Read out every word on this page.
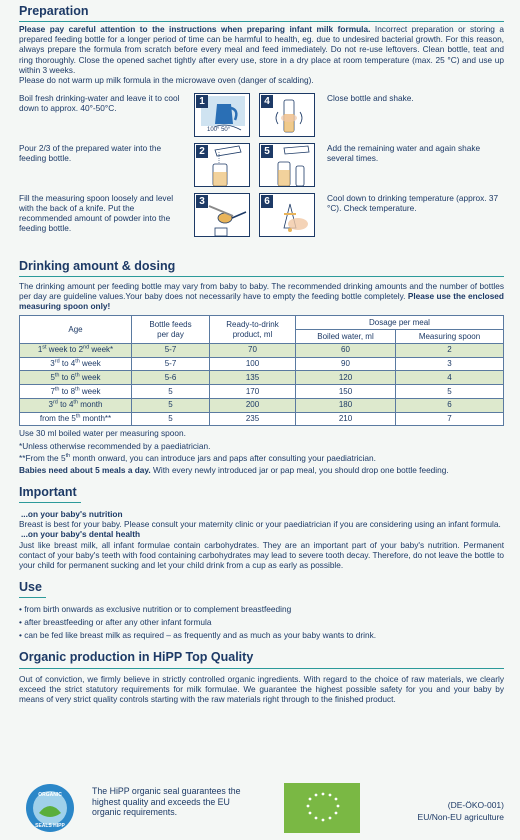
Preparation
Please pay careful attention to the instructions when preparing infant milk formula. Incorrect preparation or storing a prepared feeding bottle for a longer period of time can be harmful to health, eg. due to undesired bacterial growth. For this reason, always prepare the formula from scratch before every meal and feed immediately. Do not re-use leftovers. Clean bottle, teat and ring thoroughly. Close the opened sachet tightly after every use, store in a dry place at room temperature (max. 25 °C) and use up within 3 weeks.
Please do not warm up milk formula in the microwave oven (danger of scalding).
Boil fresh drinking-water and leave it to cool down to approx. 40°-50°C.
Pour 2/3 of the prepared water into the feeding bottle.
Fill the measuring spoon loosely and level with the back of a knife. Put the recommended amount of powder into the feeding bottle.
Close bottle and shake.
Add the remaining water and again shake several times.
Cool down to drinking temperature (approx. 37 °C). Check temperature.
1
100° 50°
2
3
4
5
6
Drinking amount & dosing
The drinking amount per feeding bottle may vary from baby to baby. The recommended drinking amounts and the number of bottles per day are guideline values.Your baby does not necessarily have to empty the feeding bottle completely. Please use the enclosed measuring spoon only!
Age	Bottle feeds per day	Ready-to-drink product, ml	Dosage per meal	
			Boiled water, ml	Measuring spoon
1st week to 2nd week*	5-7	70	60	2
3rd to 4th week	5-7	100	90	3
5th to 6th week	5-6	135	120	4
7th to 8th week	5	170	150	5
3rd to 4th month	5	200	180	6
from the 5th month**	5	235	210	7
Use 30 ml boiled water per measuring spoon.
*Unless otherwise recommended by a paediatrician.
**From the 5th month onward, you can introduce jars and paps after consulting your paediatrician.
Babies need about 5 meals a day. With every newly introduced jar or pap meal, you should drop one bottle feeding.
Important
...on your baby's nutrition
Breast is best for your baby. Please consult your maternity clinic or your paediatrician if you are considering using an infant formula.
...on your baby's dental health
Just like breast milk, all infant formulae contain carbohydrates. They are an important part of your baby's nutrition. Permanent contact of your baby's teeth with food containing carbohydrates may lead to severe tooth decay. Therefore, do not leave the bottle to your child for permanent sucking and let your child drink from a cup as early as possible.
Use
• from birth onwards as exclusive nutrition or to complement breastfeeding
• after breastfeeding or after any other infant formula
• can be fed like breast milk as required – as frequently and as much as your baby wants to drink.
Organic production in HiPP Top Quality
Out of conviction, we firmly believe in strictly controlled organic ingredients. With regard to the choice of raw materials, we clearly exceed the strict statutory requirements for milk formulae. We guarantee the highest possible safety for you and your baby by means of very strict quality controls starting with the raw materials right through to the finished product.
ORGANIC
SEALS HIPP
The HiPP organic seal guarantees the highest quality and exceeds the EU organic requirements.
(DE-ÖKO-001)
EU/Non-EU agriculture
